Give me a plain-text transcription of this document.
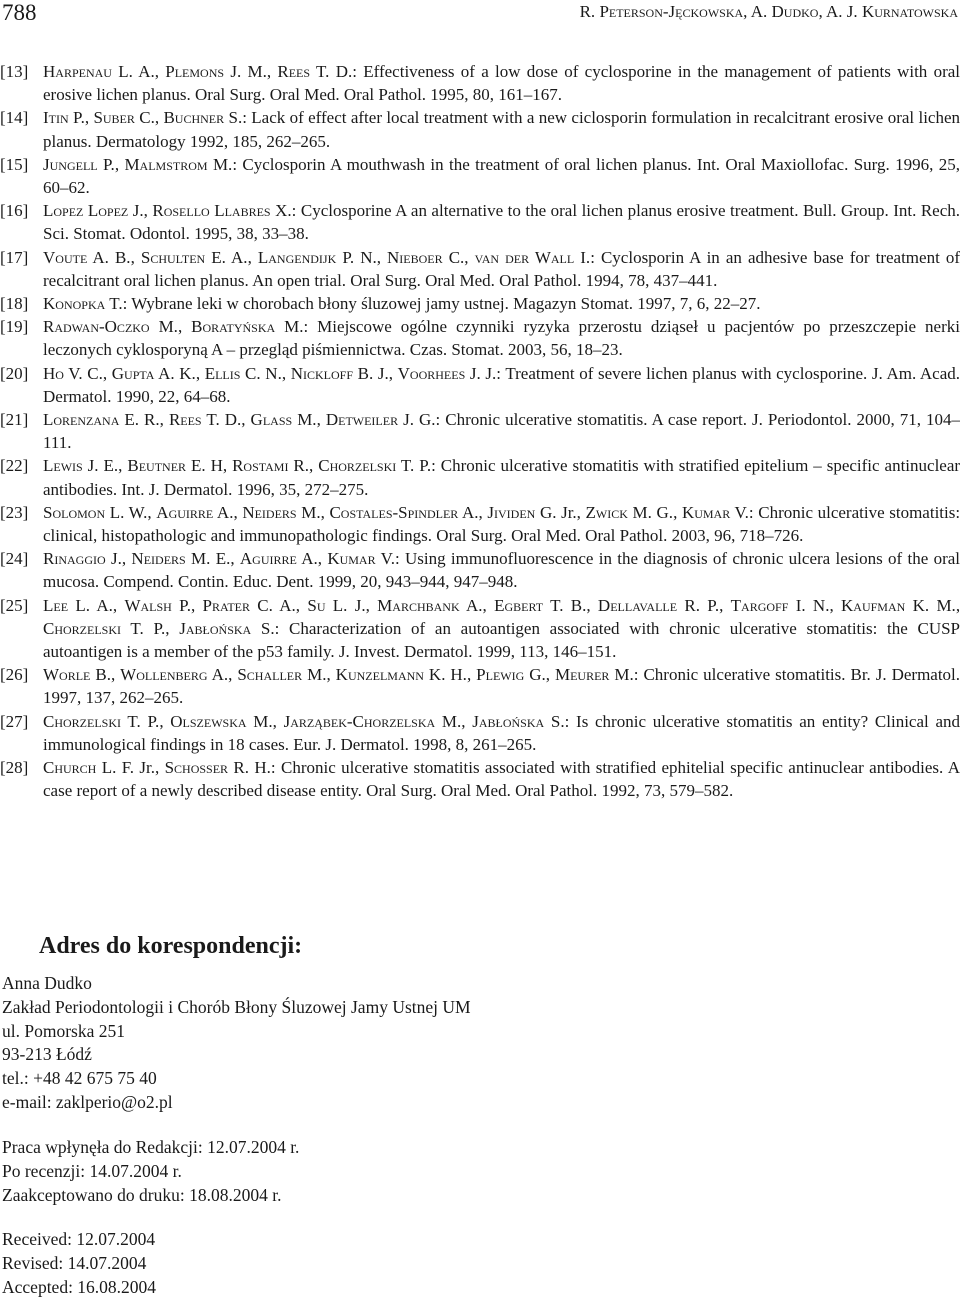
788	R. Peterson-Jęckowska, A. Dudko, A. J. Kurnatowska

[13] Harpenau L. A., Plemons J. M., Rees T. D.: Effectiveness of a low dose of cyclosporine in the management of patients with oral erosive lichen planus. Oral Surg. Oral Med. Oral Pathol. 1995, 80, 161–167.

[14] Itin P., Suber C., Buchner S.: Lack of effect after local treatment with a new ciclosporin formulation in recalcitrant erosive oral lichen planus. Dermatology 1992, 185, 262–265.

[15] Jungell P., Malmstrom M.: Cyclosporin A mouthwash in the treatment of oral lichen planus. Int. Oral Maxiollofac. Surg. 1996, 25, 60–62.

[16] Lopez Lopez J., Rosello Llabres X.: Cyclosporine A an alternative to the oral lichen planus erosive treatment. Bull. Group. Int. Rech. Sci. Stomat. Odontol. 1995, 38, 33–38.

[17] Voute A. B., Schulten E. A., Langendijk P. N., Nieboer C., van der Wall I.: Cyclosporin A in an adhesive base for treatment of recalcitrant oral lichen planus. An open trial. Oral Surg. Oral Med. Oral Pathol. 1994, 78, 437–441.

[18] Konopka T.: Wybrane leki w chorobach błony śluzowej jamy ustnej. Magazyn Stomat. 1997, 7, 6, 22–27.

[19] Radwan-Oczko M., Boratyńska M.: Miejscowe ogólne czynniki ryzyka przerostu dziąseł u pacjentów po przeszczepie nerki leczonych cyklosporyną A – przegląd piśmiennictwa. Czas. Stomat. 2003, 56, 18–23.

[20] Ho V. C., Gupta A. K., Ellis C. N., Nickloff B. J., Voorhees J. J.: Treatment of severe lichen planus with cyclosporine. J. Am. Acad. Dermatol. 1990, 22, 64–68.

[21] Lorenzana E. R., Rees T. D., Glass M., Detweiler J. G.: Chronic ulcerative stomatitis. A case report. J. Periodontol. 2000, 71, 104–111.

[22] Lewis J. E., Beutner E. H, Rostami R., Chorzelski T. P.: Chronic ulcerative stomatitis with stratified epitelium – specific antinuclear antibodies. Int. J. Dermatol. 1996, 35, 272–275.

[23] Solomon L. W., Aguirre A., Neiders M., Costales-Spindler A., Jividen G. Jr., Zwick M. G., Kumar V.: Chronic ulcerative stomatitis: clinical, histopathologic and immunopathologic findings. Oral Surg. Oral Med. Oral Pathol. 2003, 96, 718–726.

[24] Rinaggio J., Neiders M. E., Aguirre A., Kumar V.: Using immunofluorescence in the diagnosis of chronic ulcera lesions of the oral mucosa. Compend. Contin. Educ. Dent. 1999, 20, 943–944, 947–948.

[25] Lee L. A., Walsh P., Prater C. A., Su L. J., Marchbank A., Egbert T. B., Dellavalle R. P., Targoff I. N., Kaufman K. M., Chorzelski T. P., Jabłońska S.: Characterization of an autoantigen associated with chronic ulcerative stomatitis: the CUSP autoantigen is a member of the p53 family. J. Invest. Dermatol. 1999, 113, 146–151.

[26] Worle B., Wollenberg A., Schaller M., Kunzelmann K. H., Plewig G., Meurer M.: Chronic ulcerative stomatitis. Br. J. Dermatol. 1997, 137, 262–265.

[27] Chorzelski T. P., Olszewska M., Jarząbek-Chorzelska M., Jabłońska S.: Is chronic ulcerative stomatitis an entity? Clinical and immunological findings in 18 cases. Eur. J. Dermatol. 1998, 8, 261–265.

[28] Church L. F. Jr., Schosser R. H.: Chronic ulcerative stomatitis associated with stratified ephitelial specific antinuclear antibodies. A case report of a newly described disease entity. Oral Surg. Oral Med. Oral Pathol. 1992, 73, 579–582.

Adres do korespondencji:
Anna Dudko
Zakład Periodontologii i Chorób Błony Śluzowej Jamy Ustnej UM
ul. Pomorska 251
93-213 Łódź
tel.: +48 42 675 75 40
e-mail: zaklperio@o2.pl
Praca wpłynęła do Redakcji: 12.07.2004 r.
Po recenzji: 14.07.2004 r.
Zaakceptowano do druku: 18.08.2004 r.
Received: 12.07.2004
Revised: 14.07.2004
Accepted: 16.08.2004
